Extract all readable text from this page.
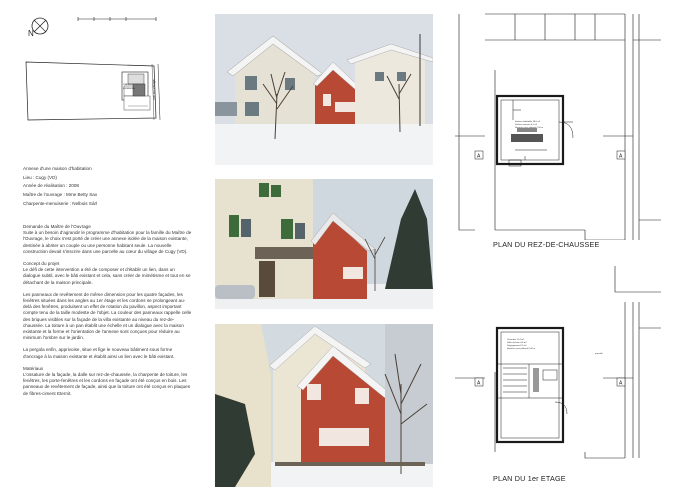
N
maison existante	rue du Village
Annexe d'une maison d'habitation
Lieu : Cugy (VD)
Année de réalisation : 2008
Maître de l'ouvrage : Mme Betty Sax
Charpente-menuiserie : Nelbois Sàrl

Demande du Maître de l'Ouvrage
Suite à un besoin d'agrandir le programme d'habitation pour la famille du Maître de l'Ouvrage, le choix s'est porté de créer une annexe isolée de la maison existante, destinée à abriter un couple ou une personne habitant seule. La nouvelle construction devait s'inscrire dans une parcelle au cœur du village de Cugy (VD).

Concept du projet
Le défi de cette intervention a été de composer et d'établir un lien, dans un dialogue subtil, avec le bâti existant et cela, sans créer de mimétisme et tout en se détachant de la maison principale.

Les panneaux de revêtement de même dimension pour les quatre façades, les fenêtres situées dans les angles au 1er étage et les cordons se prolongeant au-delà des fenêtres, produisent un effet de rotation du pavillon, aspect important compte tenu de la taille modeste de l'objet. La couleur des panneaux rappelle celle des briques visibles sur la façade de la villa existante au niveau du rez-de-chaussée. La toiture à un pan établit une échelle et un dialogue avec la maison existante et la forme et l'orientation de l'annexe sont conçues pour réduire au minimum l'ombre sur le jardin.

La pergola enfin, apprivoise, situe et fige le nouveau bâtiment sous forme d'ancrage à la maison existante et établit ainsi un lien avec le bâti existant.

Matériaux
L'ossature de la façade, la dalle sur rez-de-chaussée, la charpente de toiture, les fenêtres, les porte-fenêtres et les cordons en façade ont été conçus en bois. Les panneaux de revêtement de façade, ainsi que la toiture ont été conçus en plaques de fibres-ciment Eternit.

Surface habitable 38,0 m²
Surface annexe 4,0 m²
Hauteur sous plafond 2,50 m
A	A
PLAN DU REZ-DE-CHAUSSEE
Chambre 11,4 m²
Salle de bain 4,8 m²
Dégagement 3,2 m²
Hauteur sous plafond 2,40 m
parcelle
A	A
PLAN DU 1er ETAGE
